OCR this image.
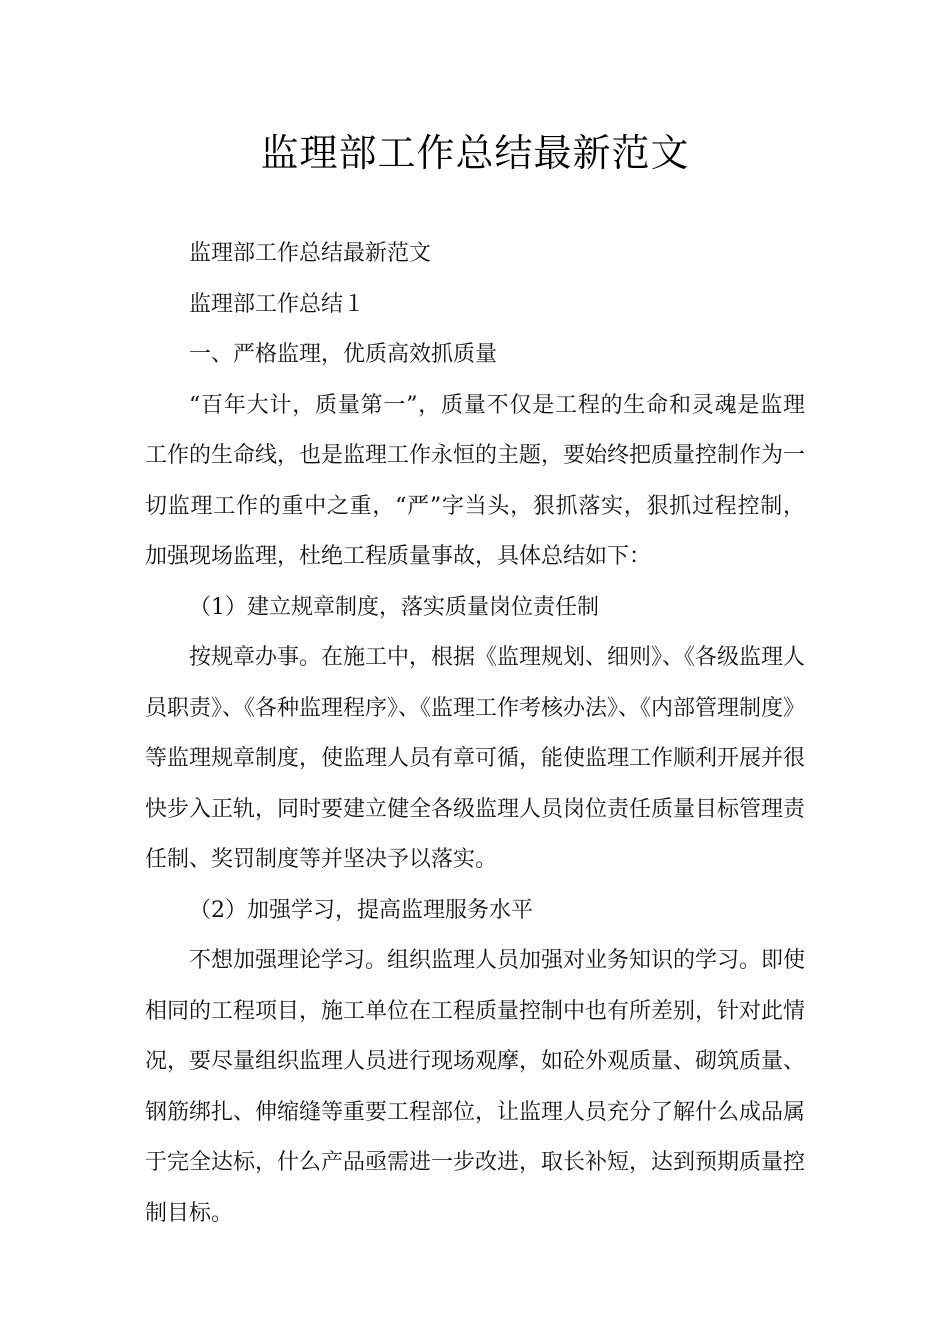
监理部工作总结最新范文

监理部工作总结最新范文

监理部工作总结１

一、严格监理，优质高效抓质量

“百年大计，质量第一”，质量不仅是工程的生命和灵魂是监理工作的生命线，也是监理工作永恒的主题，要始终把质量控制作为一切监理工作的重中之重，“严”字当头，狠抓落实，狠抓过程控制，加强现场监理，杜绝工程质量事故，具体总结如下：

（1）建立规章制度，落实质量岗位责任制

按规章办事。在施工中，根据《监理规划、细则》、《各级监理人员职责》、《各种监理程序》、《监理工作考核办法》、《内部管理制度》等监理规章制度，使监理人员有章可循，能使监理工作顺利开展并很快步入正轨，同时要建立健全各级监理人员岗位责任质量目标管理责任制、奖罚制度等并坚决予以落实。

（2）加强学习，提高监理服务水平

不想加强理论学习。组织监理人员加强对业务知识的学习。即使相同的工程项目，施工单位在工程质量控制中也有所差别，针对此情况，要尽量组织监理人员进行现场观摩，如砼外观质量、砌筑质量、钢筋绑扎、伸缩缝等重要工程部位，让监理人员充分了解什么成品属于完全达标，什么产品亟需进一步改进，取长补短，达到预期质量控制目标。
